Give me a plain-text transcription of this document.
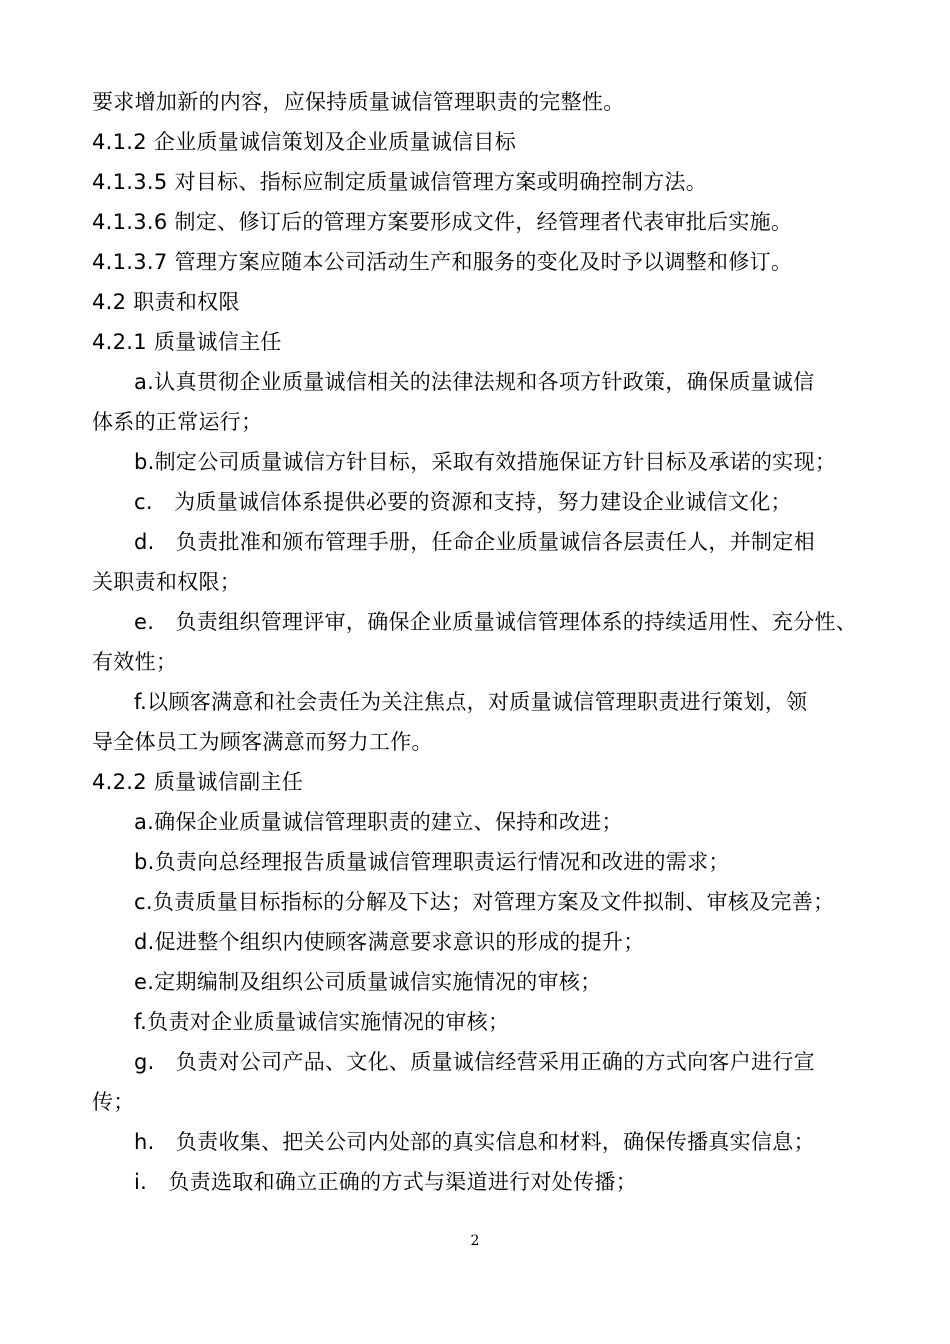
要求增加新的内容，应保持质量诚信管理职责的完整性。
4.1.2 企业质量诚信策划及企业质量诚信目标
4.1.3.5 对目标、指标应制定质量诚信管理方案或明确控制方法。
4.1.3.6 制定、修订后的管理方案要形成文件，经管理者代表审批后实施。
4.1.3.7 管理方案应随本公司活动生产和服务的变化及时予以调整和修订。
4.2 职责和权限
4.2.1 质量诚信主任
a.认真贯彻企业质量诚信相关的法律法规和各项方针政策，确保质量诚信
体系的正常运行；
b.制定公司质量诚信方针目标，采取有效措施保证方针目标及承诺的实现；
c.　为质量诚信体系提供必要的资源和支持，努力建设企业诚信文化；
d.　负责批准和颁布管理手册，任命企业质量诚信各层责任人，并制定相
关职责和权限；
e.　负责组织管理评审，确保企业质量诚信管理体系的持续适用性、充分性、
有效性；
f.以顾客满意和社会责任为关注焦点，对质量诚信管理职责进行策划，领
导全体员工为顾客满意而努力工作。
4.2.2 质量诚信副主任
a.确保企业质量诚信管理职责的建立、保持和改进；
b.负责向总经理报告质量诚信管理职责运行情况和改进的需求；
c.负责质量目标指标的分解及下达；对管理方案及文件拟制、审核及完善；
d.促进整个组织内使顾客满意要求意识的形成的提升；
e.定期编制及组织公司质量诚信实施情况的审核；
f.负责对企业质量诚信实施情况的审核；
g.　负责对公司产品、文化、质量诚信经营采用正确的方式向客户进行宣
传；
h.　负责收集、把关公司内处部的真实信息和材料，确保传播真实信息；
i.　负责选取和确立正确的方式与渠道进行对处传播；
2
